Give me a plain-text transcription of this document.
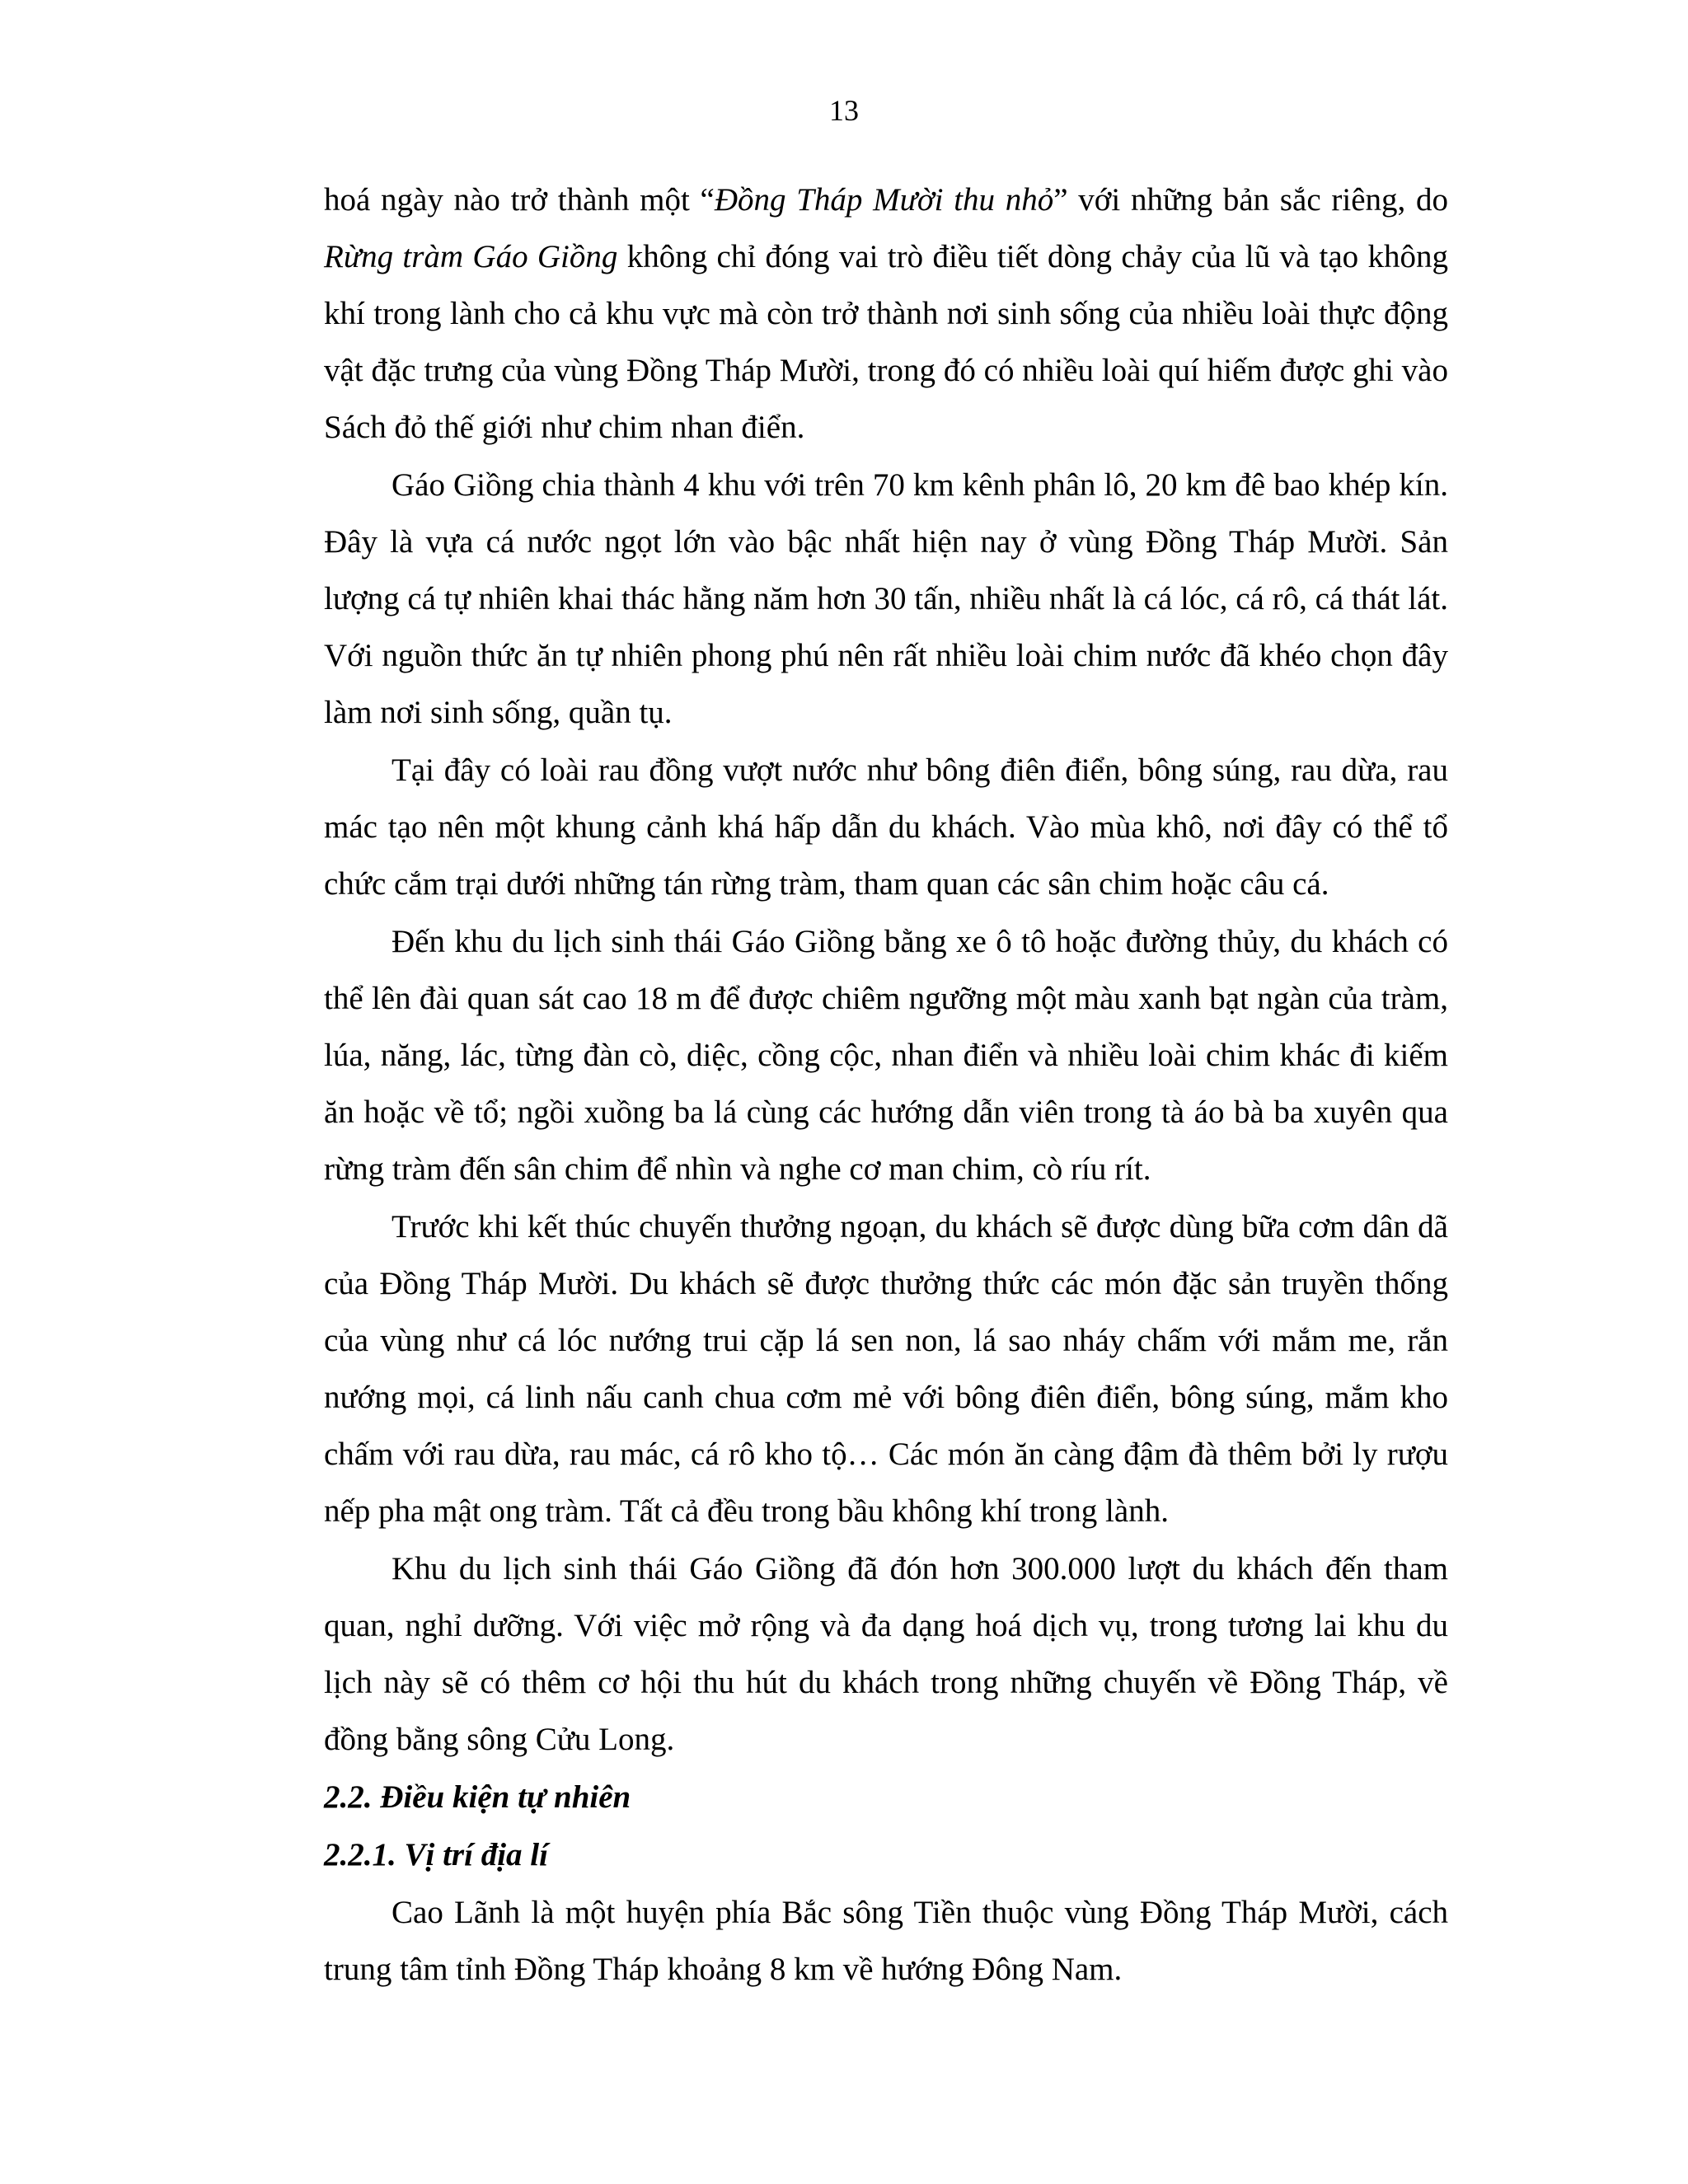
13

hoá ngày nào trở thành một “Đồng Tháp Mười thu nhỏ” với những bản sắc riêng, do Rừng tràm Gáo Giồng không chỉ đóng vai trò điều tiết dòng chảy của lũ và tạo không khí trong lành cho cả khu vực mà còn trở thành nơi sinh sống của nhiều loài thực động vật đặc trưng của vùng Đồng Tháp Mười, trong đó có nhiều loài quí hiếm được ghi vào Sách đỏ thế giới như chim nhan điển.

Gáo Giồng chia thành 4 khu với trên 70 km kênh phân lô, 20 km đê bao khép kín. Đây là vựa cá nước ngọt lớn vào bậc nhất hiện nay ở vùng Đồng Tháp Mười. Sản lượng cá tự nhiên khai thác hằng năm hơn 30 tấn, nhiều nhất là cá lóc, cá rô, cá thát lát. Với nguồn thức ăn tự nhiên phong phú nên rất nhiều loài chim nước đã khéo chọn đây làm nơi sinh sống, quần tụ.

Tại đây có loài rau đồng vượt nước như bông điên điển, bông súng, rau dừa, rau mác tạo nên một khung cảnh khá hấp dẫn du khách. Vào mùa khô, nơi đây có thể tổ chức cắm trại dưới những tán rừng tràm, tham quan các sân chim hoặc câu cá.

Đến khu du lịch sinh thái Gáo Giồng bằng xe ô tô hoặc đường thủy, du khách có thể lên đài quan sát cao 18 m để được chiêm ngưỡng một màu xanh bạt ngàn của tràm, lúa, năng, lác, từng đàn cò, diệc, cồng cộc, nhan điển và nhiều loài chim khác đi kiếm ăn hoặc về tổ; ngồi xuồng ba lá cùng các hướng dẫn viên trong tà áo bà ba xuyên qua rừng tràm đến sân chim để nhìn và nghe cơ man chim, cò ríu rít.

Trước khi kết thúc chuyến thưởng ngoạn, du khách sẽ được dùng bữa cơm dân dã của Đồng Tháp Mười. Du khách sẽ được thưởng thức các món đặc sản truyền thống của vùng như cá lóc nướng trui cặp lá sen non, lá sao nháy chấm với mắm me, rắn nướng mọi, cá linh nấu canh chua cơm mẻ với bông điên điển, bông súng, mắm kho chấm với rau dừa, rau mác, cá rô kho tộ… Các món ăn càng đậm đà thêm bởi ly rượu nếp pha mật ong tràm. Tất cả đều trong bầu không khí trong lành.

Khu du lịch sinh thái Gáo Giồng đã đón hơn 300.000 lượt du khách đến tham quan, nghỉ dưỡng. Với việc mở rộng và đa dạng hoá dịch vụ, trong tương lai khu du lịch này sẽ có thêm cơ hội thu hút du khách trong những chuyến về Đồng Tháp, về đồng bằng sông Cửu Long.

2.2. Điều kiện tự nhiên

2.2.1. Vị trí địa lí

Cao Lãnh là một huyện phía Bắc sông Tiền thuộc vùng Đồng Tháp Mười, cách trung tâm tỉnh Đồng Tháp khoảng 8 km về hướng Đông Nam.
